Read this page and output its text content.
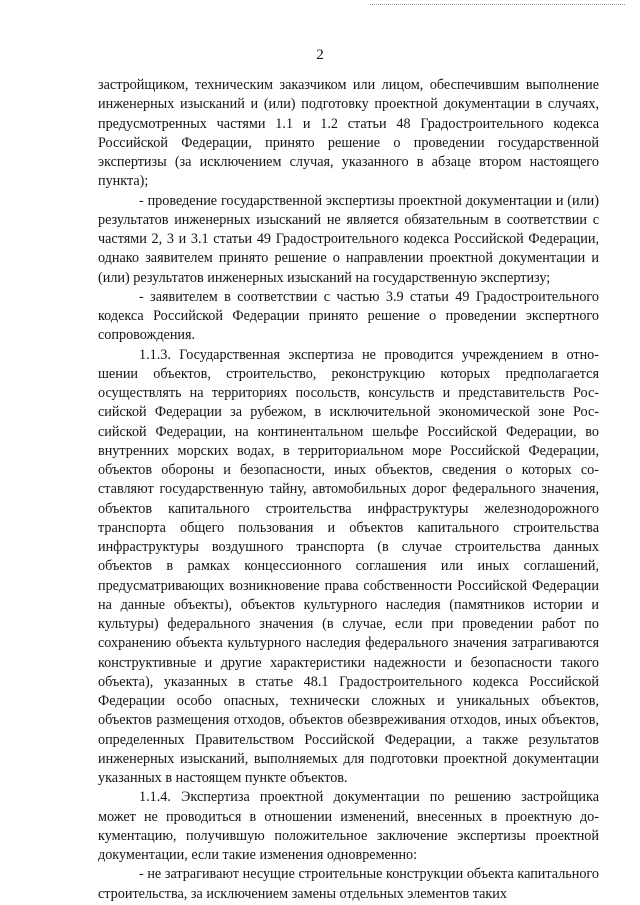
2

застройщиком, техническим заказчиком или лицом, обеспечившим выполнение инженерных изысканий и (или) подготовку проектной документации в случаях, предусмотренных частями 1.1 и 1.2 статьи 48 Градостроительного кодекса Российской Федерации, принято решение о проведении государственной экспертизы (за исключением случая, указанного в абзаце втором настоящего пункта);

- проведение государственной экспертизы проектной документации и (или) результатов инженерных изысканий не является обязательным в соответствии с частями 2, 3 и 3.1 статьи 49 Градостроительного кодекса Российской Федерации, однако заявителем принято решение о направлении проектной документации и (или) результатов инженерных изысканий на государственную экспертизу;

- заявителем в соответствии с частью 3.9 статьи 49 Градостроительного кодекса Российской Федерации принято решение о проведении экспертного сопровождения.

1.1.3. Государственная экспертиза не проводится учреждением в отношении объектов, строительство, реконструкцию которых предполагается осуществлять на территориях посольств, консульств и представительств Российской Федерации за рубежом, в исключительной экономической зоне Российской Федерации, на континентальном шельфе Российской Федерации, во внутренних морских водах, в территориальном море Российской Федерации, объектов обороны и безопасности, иных объектов, сведения о которых составляют государственную тайну, автомобильных дорог федерального значения, объектов капитального строительства инфраструктуры железнодорожного транспорта общего пользования и объектов капитального строительства инфраструктуры воздушного транспорта (в случае строительства данных объектов в рамках концессионного соглашения или иных соглашений, предусматривающих возникновение права собственности Российской Федерации на данные объекты), объектов культурного наследия (памятников истории и культуры) федерального значения (в случае, если при проведении работ по сохранению объекта культурного наследия федерального значения затрагиваются конструктивные и другие характеристики надежности и безопасности такого объекта), указанных в статье 48.1 Градостроительного кодекса Российской Федерации особо опасных, технически сложных и уникальных объектов, объектов размещения отходов, объектов обезвреживания отходов, иных объектов, определенных Правительством Российской Федерации, а также результатов инженерных изысканий, выполняемых для подготовки проектной документации указанных в настоящем пункте объектов.

1.1.4. Экспертиза проектной документации по решению застройщика может не проводиться в отношении изменений, внесенных в проектную документацию, получившую положительное заключение экспертизы проектной документации, если такие изменения одновременно:

- не затрагивают несущие строительные конструкции объекта капитального строительства, за исключением замены отдельных элементов таких
